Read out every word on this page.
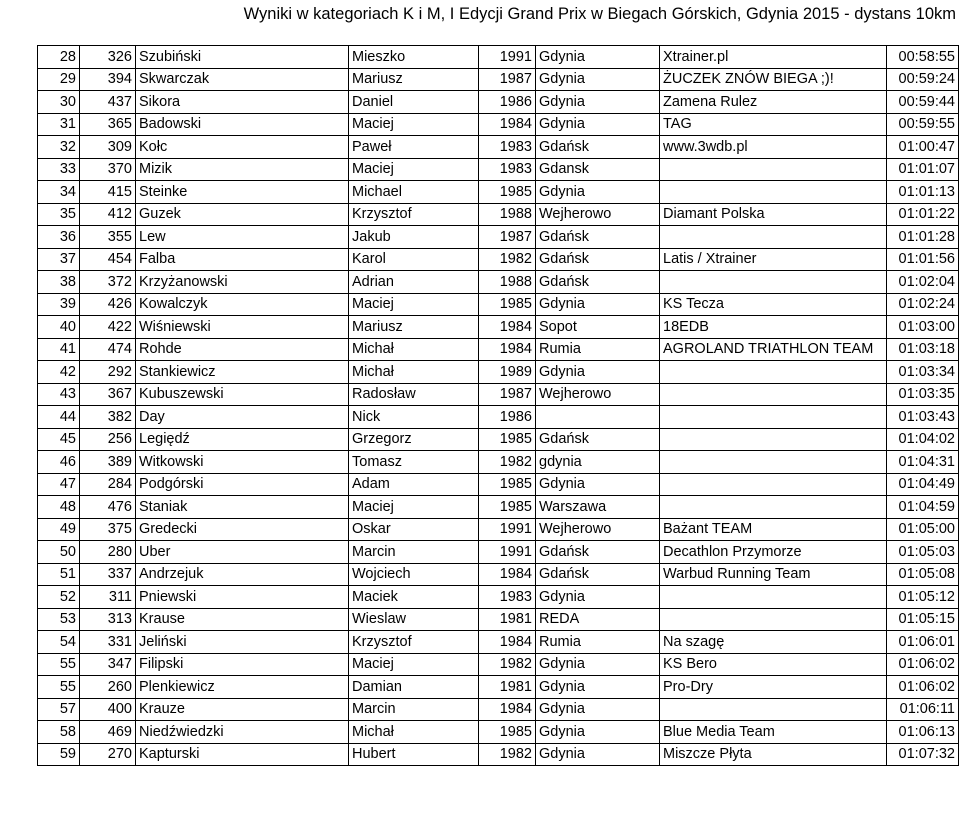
Wyniki w kategoriach K i M, I Edycji Grand Prix w Biegach Górskich, Gdynia 2015 - dystans 10km
28	326	Szubiński	Mieszko	1991	Gdynia	Xtrainer.pl	00:58:55
29	394	Skwarczak	Mariusz	1987	Gdynia	ŻUCZEK ZNÓW BIEGA ;)!	00:59:24
30	437	Sikora	Daniel	1986	Gdynia	Zamena Rulez	00:59:44
31	365	Badowski	Maciej	1984	Gdynia	TAG	00:59:55
32	309	Kołc	Paweł	1983	Gdańsk	www.3wdb.pl	01:00:47
33	370	Mizik	Maciej	1983	Gdansk		01:01:07
34	415	Steinke	Michael	1985	Gdynia		01:01:13
35	412	Guzek	Krzysztof	1988	Wejherowo	Diamant Polska	01:01:22
36	355	Lew	Jakub	1987	Gdańsk		01:01:28
37	454	Falba	Karol	1982	Gdańsk	Latis / Xtrainer	01:01:56
38	372	Krzyżanowski	Adrian	1988	Gdańsk		01:02:04
39	426	Kowalczyk	Maciej	1985	Gdynia	KS Tecza	01:02:24
40	422	Wiśniewski	Mariusz	1984	Sopot	18EDB	01:03:00
41	474	Rohde	Michał	1984	Rumia	AGROLAND TRIATHLON TEAM	01:03:18
42	292	Stankiewicz	Michał	1989	Gdynia		01:03:34
43	367	Kubuszewski	Radosław	1987	Wejherowo		01:03:35
44	382	Day	Nick	1986			01:03:43
45	256	Legiędź	Grzegorz	1985	Gdańsk		01:04:02
46	389	Witkowski	Tomasz	1982	gdynia		01:04:31
47	284	Podgórski	Adam	1985	Gdynia		01:04:49
48	476	Staniak	Maciej	1985	Warszawa		01:04:59
49	375	Gredecki	Oskar	1991	Wejherowo	Bażant TEAM	01:05:00
50	280	Uber	Marcin	1991	Gdańsk	Decathlon Przymorze	01:05:03
51	337	Andrzejuk	Wojciech	1984	Gdańsk	Warbud Running Team	01:05:08
52	311	Pniewski	Maciek	1983	Gdynia		01:05:12
53	313	Krause	Wieslaw	1981	REDA		01:05:15
54	331	Jeliński	Krzysztof	1984	Rumia	Na szagę	01:06:01
55	347	Filipski	Maciej	1982	Gdynia	KS Bero	01:06:02
55	260	Plenkiewicz	Damian	1981	Gdynia	Pro-Dry	01:06:02
57	400	Krauze	Marcin	1984	Gdynia		01:06:11
58	469	Niedźwiedzki	Michał	1985	Gdynia	Blue Media Team	01:06:13
59	270	Kapturski	Hubert	1982	Gdynia	Miszcze Płyta	01:07:32
